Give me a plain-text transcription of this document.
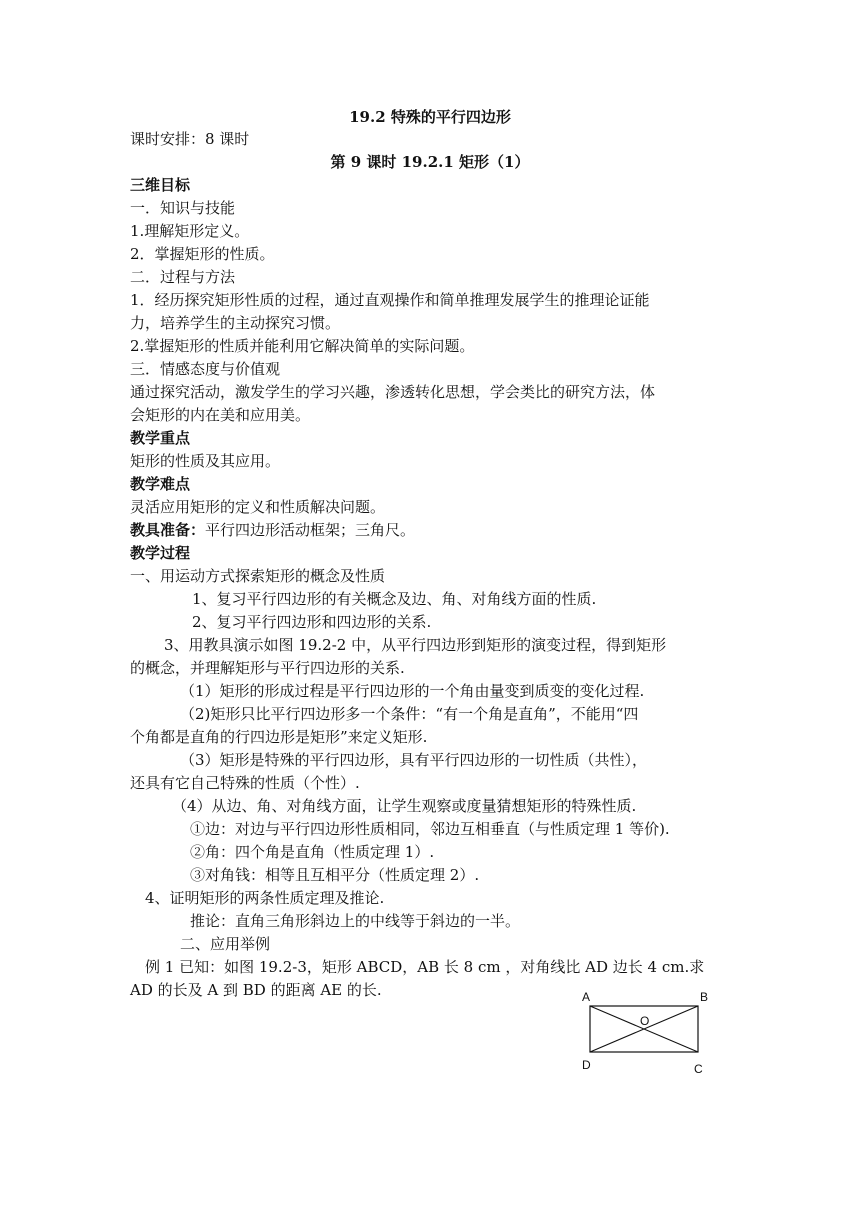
19.2 特殊的平行四边形
课时安排：8 课时
第 9 课时 19.2.1 矩形（1）
三维目标
一．知识与技能
1.理解矩形定义。
2．掌握矩形的性质。
二．过程与方法
1．经历探究矩形性质的过程，通过直观操作和简单推理发展学生的推理论证能
力，培养学生的主动探究习惯。
2.掌握矩形的性质并能利用它解决简单的实际问题。
三．情感态度与价值观
通过探究活动，激发学生的学习兴趣，渗透转化思想，学会类比的研究方法，体
会矩形的内在美和应用美。
教学重点
矩形的性质及其应用。
教学难点
灵活应用矩形的定义和性质解决问题。
教具准备：平行四边形活动框架；三角尺。
教学过程
一、用运动方式探索矩形的概念及性质
1、复习平行四边形的有关概念及边、角、对角线方面的性质.
2、复习平行四边形和四边形的关系.
3、用教具演示如图 19.2-2 中，从平行四边形到矩形的演变过程，得到矩形
的概念，并理解矩形与平行四边形的关系.
（1）矩形的形成过程是平行四边形的一个角由量变到质变的变化过程.
（2)矩形只比平行四边形多一个条件：“有一个角是直角”，不能用“四
个角都是直角的行四边形是矩形”来定义矩形.
（3）矩形是特殊的平行四边形，具有平行四边形的一切性质（共性），
还具有它自己特殊的性质（个性）.
（4）从边、角、对角线方面，让学生观察或度量猜想矩形的特殊性质.
①边：对边与平行四边形性质相同，邻边互相垂直（与性质定理 1 等价).
②角：四个角是直角（性质定理 1）.
③对角钱：相等且互相平分（性质定理 2）.
4、证明矩形的两条性质定理及推论.
推论：直角三角形斜边上的中线等于斜边的一半。
二、应用举例
例 1 已知：如图 19.2-3，矩形 ABCD，AB 长 8 cm ，对角线比 AD 边长 4 cm.求
AD 的长及 A 到 BD 的距离 AE 的长.	A	B
C
D
O
